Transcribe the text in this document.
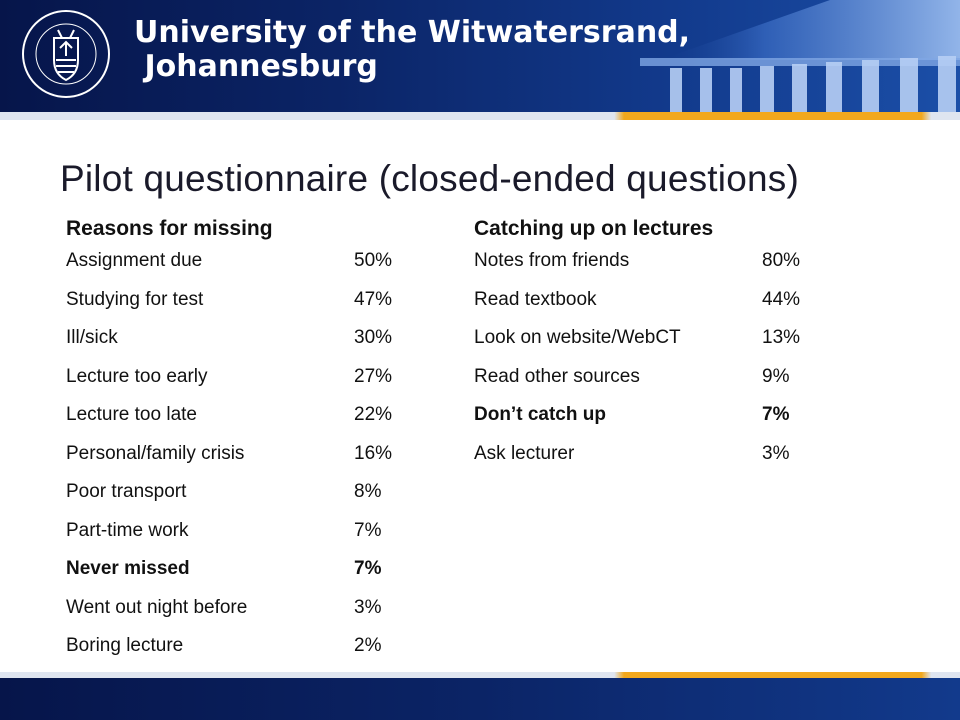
University of the Witwatersrand,
Johannesburg
Pilot questionnaire (closed-ended questions)
Reasons for missing
Assignment due	50%
Studying for test	47%
Ill/sick	30%
Lecture too early	27%
Lecture too late	22%
Personal/family crisis	16%
Poor transport	8%
Part-time work	7%
Never missed	7%
Went out night before	3%
Boring lecture	2%
Catching up on lectures
Notes from friends	80%
Read textbook	44%
Look on website/WebCT	13%
Read other sources	9%
Don’t catch up	7%
Ask lecturer	3%
